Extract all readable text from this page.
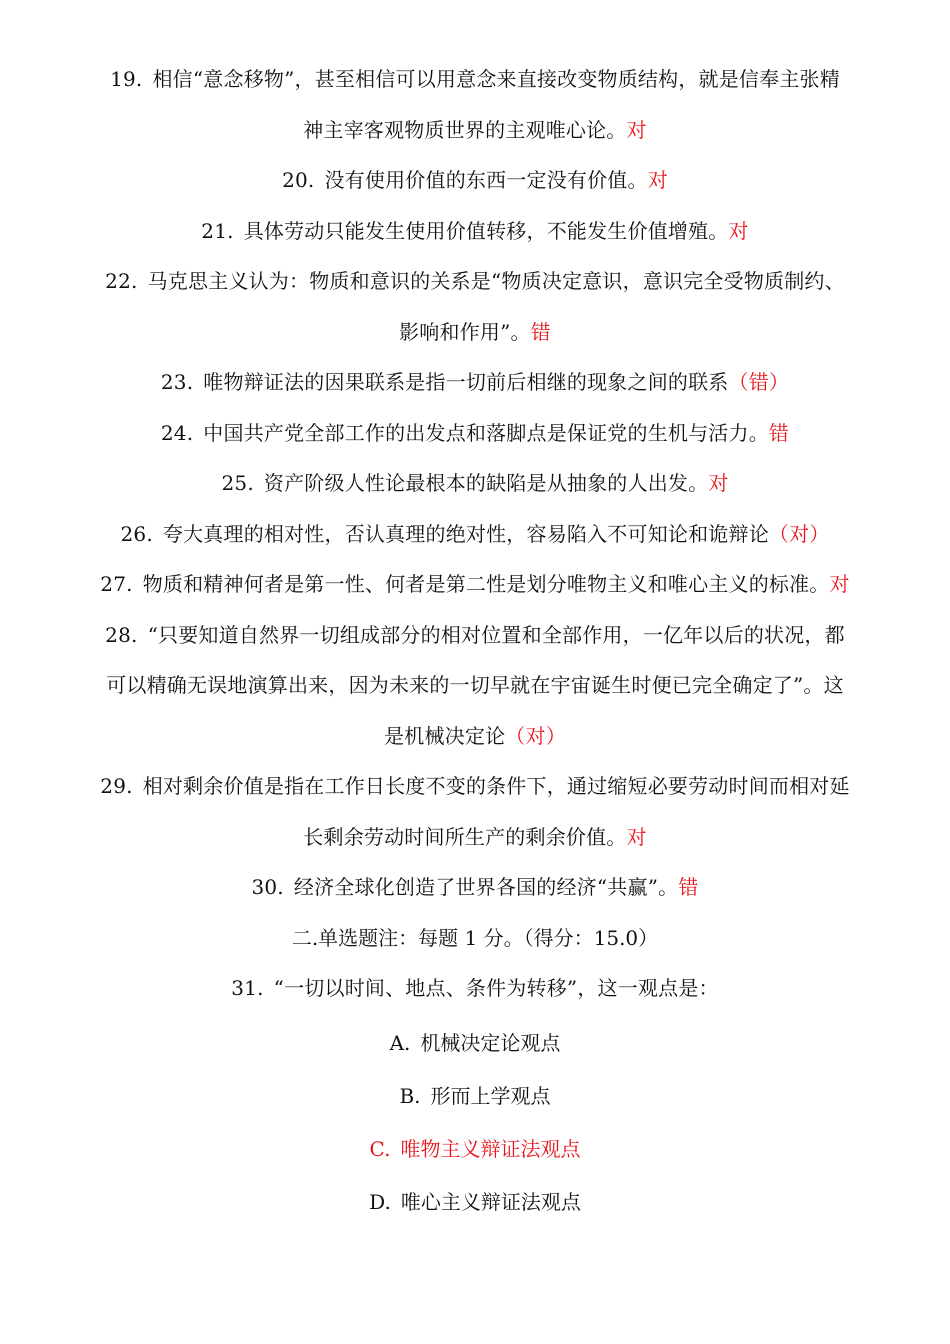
19. 相信“意念移物”，甚至相信可以用意念来直接改变物质结构，就是信奉主张精
神主宰客观物质世界的主观唯心论。对
20. 没有使用价值的东西一定没有价值。对
21. 具体劳动只能发生使用价值转移，不能发生价值增殖。对
22. 马克思主义认为：物质和意识的关系是“物质决定意识，意识完全受物质制约、
影响和作用”。错
23. 唯物辩证法的因果联系是指一切前后相继的现象之间的联系（错）
24. 中国共产党全部工作的出发点和落脚点是保证党的生机与活力。错
25. 资产阶级人性论最根本的缺陷是从抽象的人出发。对
26. 夸大真理的相对性，否认真理的绝对性，容易陷入不可知论和诡辩论（对）
27. 物质和精神何者是第一性、何者是第二性是划分唯物主义和唯心主义的标准。对
28. “只要知道自然界一切组成部分的相对位置和全部作用，一亿年以后的状况，都
可以精确无误地演算出来，因为未来的一切早就在宇宙诞生时便已完全确定了”。这
是机械决定论（对）
29. 相对剩余价值是指在工作日长度不变的条件下，通过缩短必要劳动时间而相对延
长剩余劳动时间所生产的剩余价值。对
30. 经济全球化创造了世界各国的经济“共赢”。错
二.单选题注：每题 1 分。（得分：15.0）
31. “一切以时间、地点、条件为转移”，这一观点是：
A. 机械决定论观点
B. 形而上学观点
C. 唯物主义辩证法观点
D. 唯心主义辩证法观点
